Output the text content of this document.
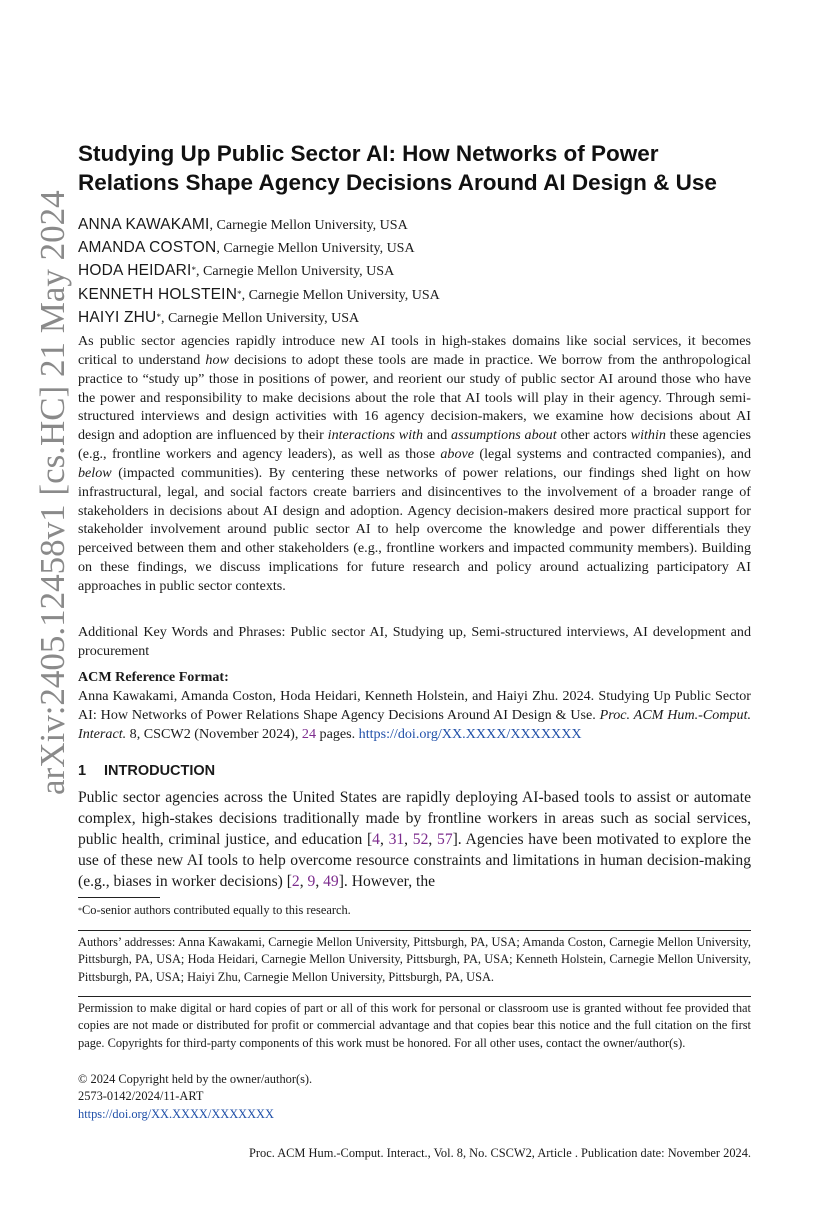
arXiv:2405.12458v1 [cs.HC] 21 May 2024
Studying Up Public Sector AI: How Networks of Power
Relations Shape Agency Decisions Around AI Design & Use
ANNA KAWAKAMI, Carnegie Mellon University, USA
AMANDA COSTON, Carnegie Mellon University, USA
HODA HEIDARI*, Carnegie Mellon University, USA
KENNETH HOLSTEIN*, Carnegie Mellon University, USA
HAIYI ZHU*, Carnegie Mellon University, USA
As public sector agencies rapidly introduce new AI tools in high-stakes domains like social services, it becomes critical to understand how decisions to adopt these tools are made in practice. We borrow from the anthropological practice to “study up” those in positions of power, and reorient our study of public sector AI around those who have the power and responsibility to make decisions about the role that AI tools will play in their agency. Through semi-structured interviews and design activities with 16 agency decision-makers, we examine how decisions about AI design and adoption are influenced by their interactions with and assumptions about other actors within these agencies (e.g., frontline workers and agency leaders), as well as those above (legal systems and contracted companies), and below (impacted communities). By centering these networks of power relations, our findings shed light on how infrastructural, legal, and social factors create barriers and disincentives to the involvement of a broader range of stakeholders in decisions about AI design and adoption. Agency decision-makers desired more practical support for stakeholder involvement around public sector AI to help overcome the knowledge and power differentials they perceived between them and other stakeholders (e.g., frontline workers and impacted community members). Building on these findings, we discuss implications for future research and policy around actualizing participatory AI approaches in public sector contexts.
Additional Key Words and Phrases: Public sector AI, Studying up, Semi-structured interviews, AI development and procurement
ACM Reference Format:
Anna Kawakami, Amanda Coston, Hoda Heidari, Kenneth Holstein, and Haiyi Zhu. 2024. Studying Up Public Sector AI: How Networks of Power Relations Shape Agency Decisions Around AI Design & Use. Proc. ACM Hum.-Comput. Interact. 8, CSCW2 (November 2024), 24 pages. https://doi.org/XX.XXXX/XXXXXXX
1 INTRODUCTION
Public sector agencies across the United States are rapidly deploying AI-based tools to assist or automate complex, high-stakes decisions traditionally made by frontline workers in areas such as social services, public health, criminal justice, and education [4, 31, 52, 57]. Agencies have been motivated to explore the use of these new AI tools to help overcome resource constraints and limitations in human decision-making (e.g., biases in worker decisions) [2, 9, 49]. However, the
*Co-senior authors contributed equally to this research.
Authors’ addresses: Anna Kawakami, Carnegie Mellon University, Pittsburgh, PA, USA; Amanda Coston, Carnegie Mellon University, Pittsburgh, PA, USA; Hoda Heidari, Carnegie Mellon University, Pittsburgh, PA, USA; Kenneth Holstein, Carnegie Mellon University, Pittsburgh, PA, USA; Haiyi Zhu, Carnegie Mellon University, Pittsburgh, PA, USA.
Permission to make digital or hard copies of part or all of this work for personal or classroom use is granted without fee provided that copies are not made or distributed for profit or commercial advantage and that copies bear this notice and the full citation on the first page. Copyrights for third-party components of this work must be honored. For all other uses, contact the owner/author(s).
© 2024 Copyright held by the owner/author(s).
2573-0142/2024/11-ART
https://doi.org/XX.XXXX/XXXXXXX
Proc. ACM Hum.-Comput. Interact., Vol. 8, No. CSCW2, Article . Publication date: November 2024.
